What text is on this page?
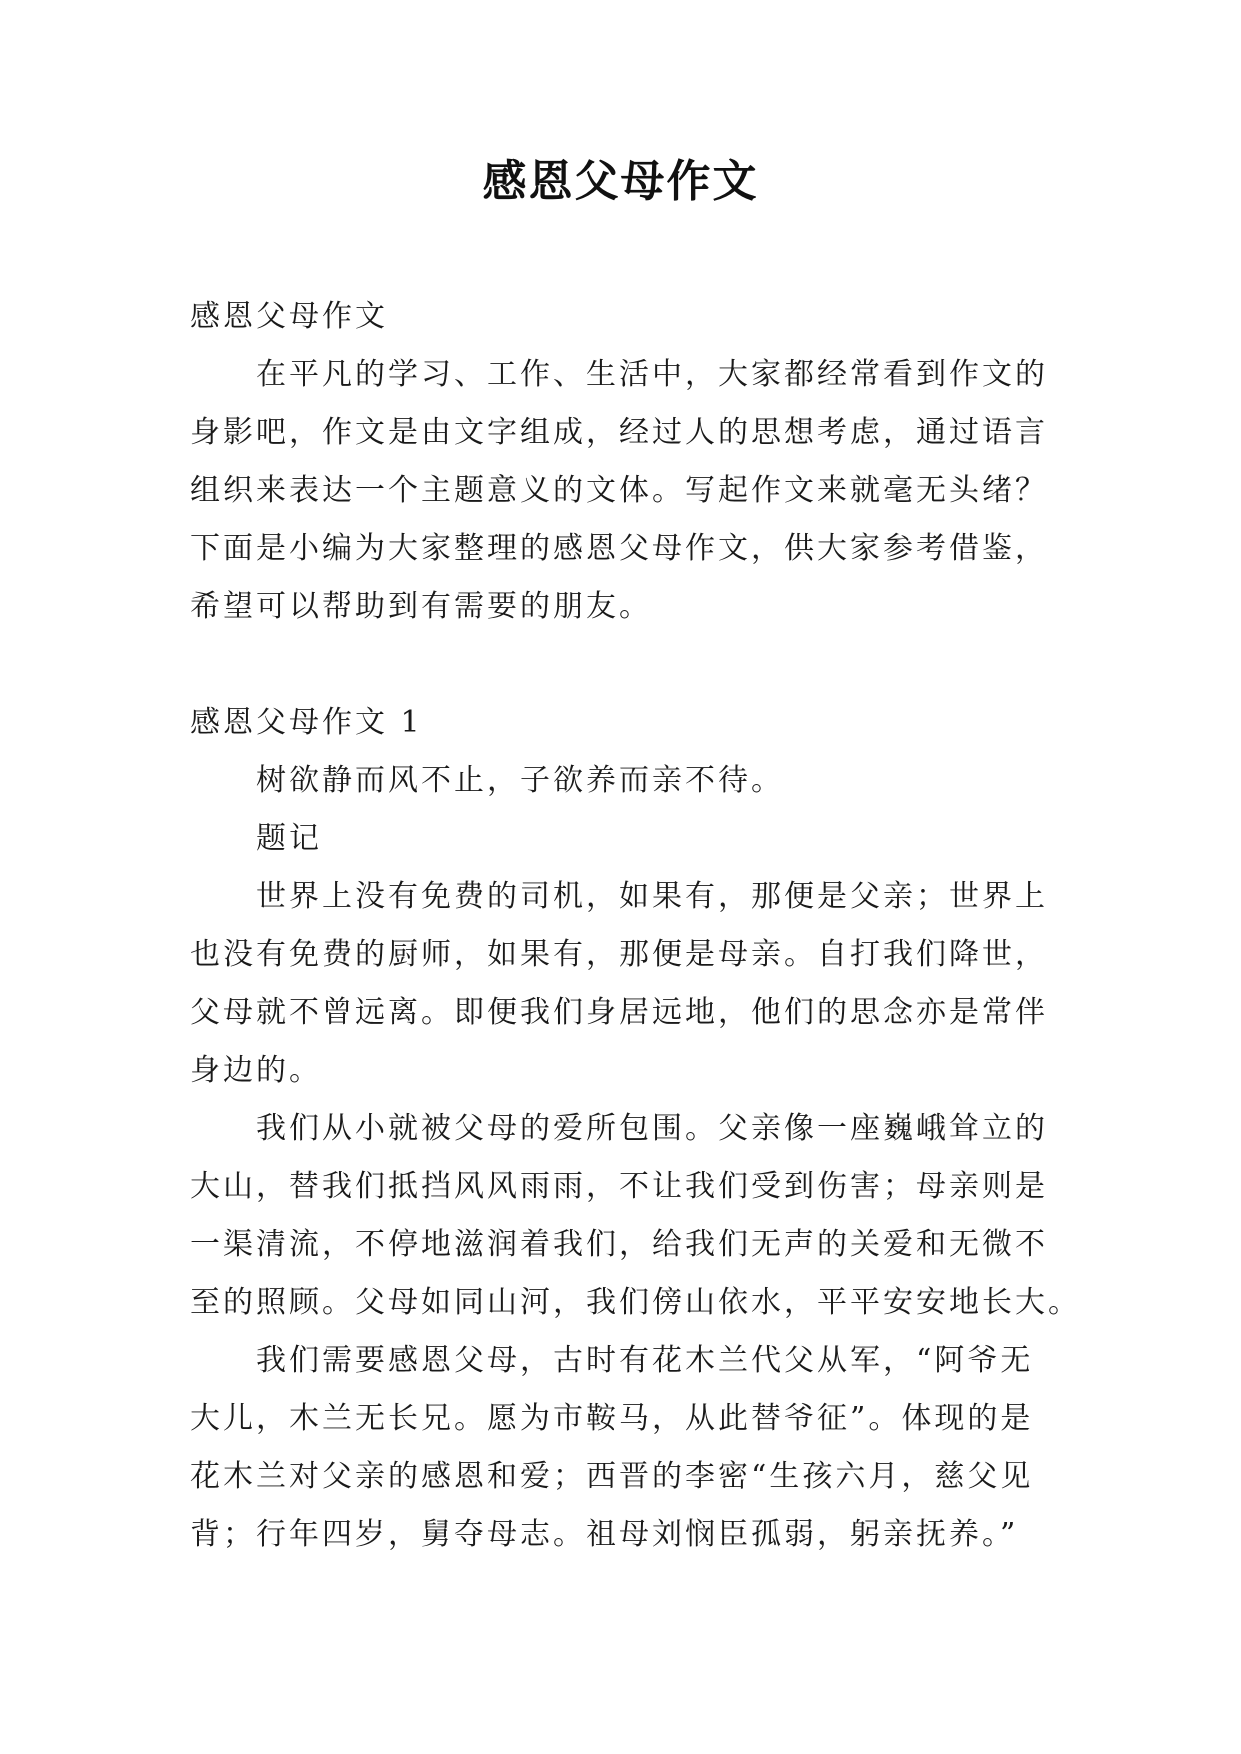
感恩父母作文
感恩父母作文
在平凡的学习、工作、生活中，大家都经常看到作文的
身影吧，作文是由文字组成，经过人的思想考虑，通过语言
组织来表达一个主题意义的文体。写起作文来就毫无头绪？
下面是小编为大家整理的感恩父母作文，供大家参考借鉴，
希望可以帮助到有需要的朋友。
感恩父母作文 1
树欲静而风不止，子欲养而亲不待。
题记
世界上没有免费的司机，如果有，那便是父亲；世界上
也没有免费的厨师，如果有，那便是母亲。自打我们降世，
父母就不曾远离。即便我们身居远地，他们的思念亦是常伴
身边的。
我们从小就被父母的爱所包围。父亲像一座巍峨耸立的
大山，替我们抵挡风风雨雨，不让我们受到伤害；母亲则是
一渠清流，不停地滋润着我们，给我们无声的关爱和无微不
至的照顾。父母如同山河，我们傍山依水，平平安安地长大。
我们需要感恩父母，古时有花木兰代父从军，“阿爷无
大儿，木兰无长兄。愿为市鞍马，从此替爷征”。体现的是
花木兰对父亲的感恩和爱；西晋的李密“生孩六月，慈父见
背；行年四岁，舅夺母志。祖母刘悯臣孤弱，躬亲抚养。”
